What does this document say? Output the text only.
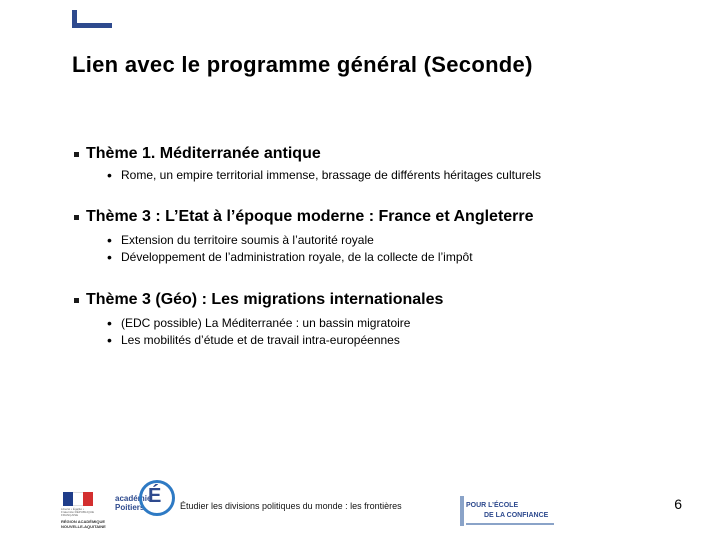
Lien avec le programme général (Seconde)
Thème 1. Méditerranée antique
• Rome, un empire territorial immense, brassage de différents héritages culturels
Thème 3 : L’Etat à l’époque moderne : France et Angleterre
• Extension du territoire soumis à l’autorité royale
• Développement de l’administration royale, de la collecte de l’impôt
Thème 3 (Géo) : Les migrations internationales
• (EDC possible) La Méditerranée : un bassin migratoire
• Les mobilités d’étude et de travail intra-européennes
Liberté • Égalité • Fraternité RÉPUBLIQUE FRANÇAISE
RÉGION ACADÉMIQUE NOUVELLE-AQUITAINE
académie
Poitiers
É Étudier les divisions politiques du monde : les frontières	POUR L’ÉCOLE
DE LA CONFIANCE
6
